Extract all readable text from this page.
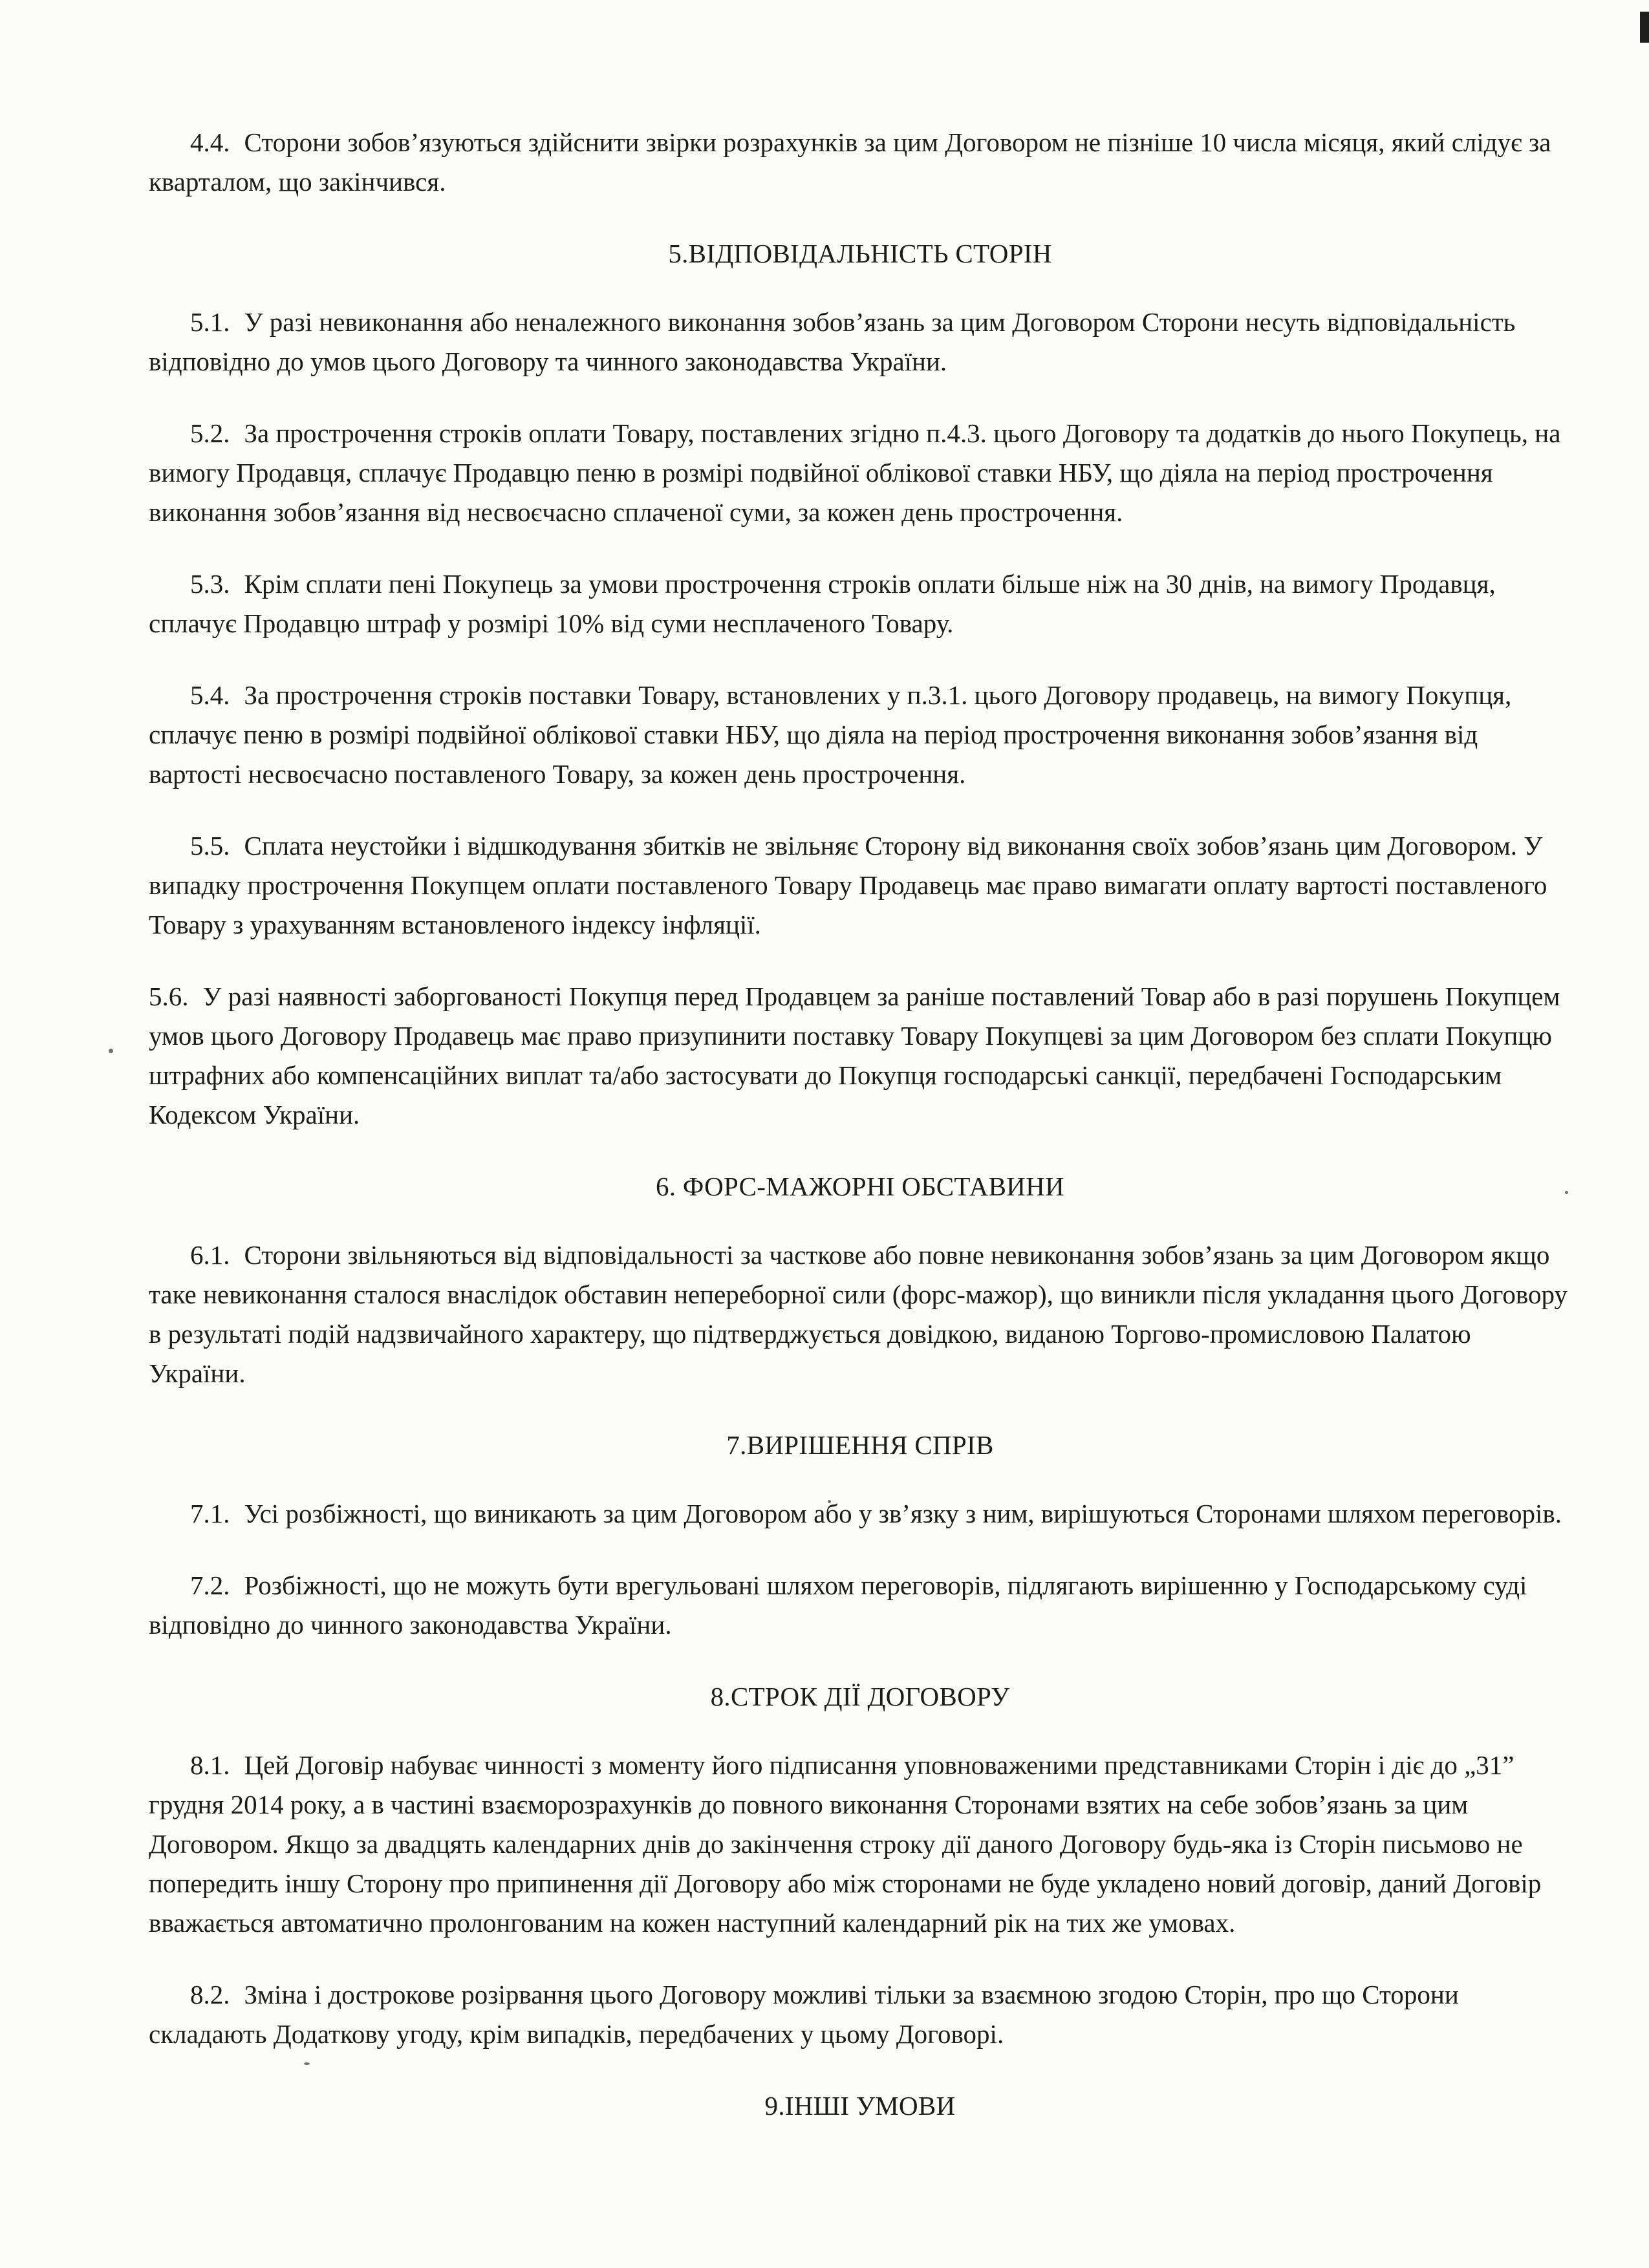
4.4. Сторони зобов’язуються здійснити звірки розрахунків за цим Договором не пізніше 10 числа місяця, який слідує за кварталом, що закінчився.
5.ВІДПОВІДАЛЬНІСТЬ СТОРІН
5.1. У разі невиконання або неналежного виконання зобов’язань за цим Договором Сторони несуть відповідальність відповідно до умов цього Договору та чинного законодавства України.
5.2. За прострочення строків оплати Товару, поставлених згідно п.4.3. цього Договору та додатків до нього Покупець, на вимогу Продавця, сплачує Продавцю пеню в розмірі подвійної облікової ставки НБУ, що діяла на період прострочення виконання зобов’язання від несвоєчасно сплаченої суми, за кожен день прострочення.
5.3. Крім сплати пені Покупець за умови прострочення строків оплати більше ніж на 30 днів, на вимогу Продавця, сплачує Продавцю штраф у розмірі 10% від суми несплаченого Товару.
5.4. За прострочення строків поставки Товару, встановлених у п.3.1. цього Договору продавець, на вимогу Покупця, сплачує пеню в розмірі подвійної облікової ставки НБУ, що діяла на період прострочення виконання зобов’язання від вартості несвоєчасно поставленого Товару, за кожен день прострочення.
5.5. Сплата неустойки і відшкодування збитків не звільняє Сторону від виконання своїх зобов’язань цим Договором. У випадку прострочення Покупцем оплати поставленого Товару Продавець має право вимагати оплату вартості поставленого Товару з урахуванням встановленого індексу інфляції.
5.6. У разі наявності заборгованості Покупця перед Продавцем за раніше поставлений Товар або в разі порушень Покупцем умов цього Договору Продавець має право призупинити поставку Товару Покупцеві за цим Договором без сплати Покупцю штрафних або компенсаційних виплат та/або застосувати до Покупця господарські санкції, передбачені Господарським Кодексом України.
6. ФОРС-МАЖОРНІ ОБСТАВИНИ
6.1. Сторони звільняються від відповідальності за часткове або повне невиконання зобов’язань за цим Договором якщо таке невиконання сталося внаслідок обставин непереборної сили (форс-мажор), що виникли після укладання цього Договору в результаті подій надзвичайного характеру, що підтверджується довідкою, виданою Торгово-промисловою Палатою України.
7.ВИРІШЕННЯ СПРІВ
7.1. Усі розбіжності, що виникають за цим Договором або у зв’язку з ним, вирішуються Сторонами шляхом переговорів.
7.2. Розбіжності, що не можуть бути врегульовані шляхом переговорів, підлягають вирішенню у Господарському суді відповідно до чинного законодавства України.
8.СТРОК ДІЇ ДОГОВОРУ
8.1. Цей Договір набуває чинності з моменту його підписання уповноваженими представниками Сторін і діє до „31” грудня 2014 року, а в частині взаєморозрахунків до повного виконання Сторонами взятих на себе зобов’язань за цим Договором. Якщо за двадцять календарних днів до закінчення строку дії даного Договору будь-яка із Сторін письмово не попередить іншу Сторону про припинення дії Договору або між сторонами не буде укладено новий договір, даний Договір вважається автоматично пролонгованим на кожен наступний календарний рік на тих же умовах.
8.2. Зміна і дострокове розірвання цього Договору можливі тільки за взаємною згодою Сторін, про що Сторони складають Додаткову угоду, крім випадків, передбачених у цьому Договорі.
9.ІНШІ УМОВИ
